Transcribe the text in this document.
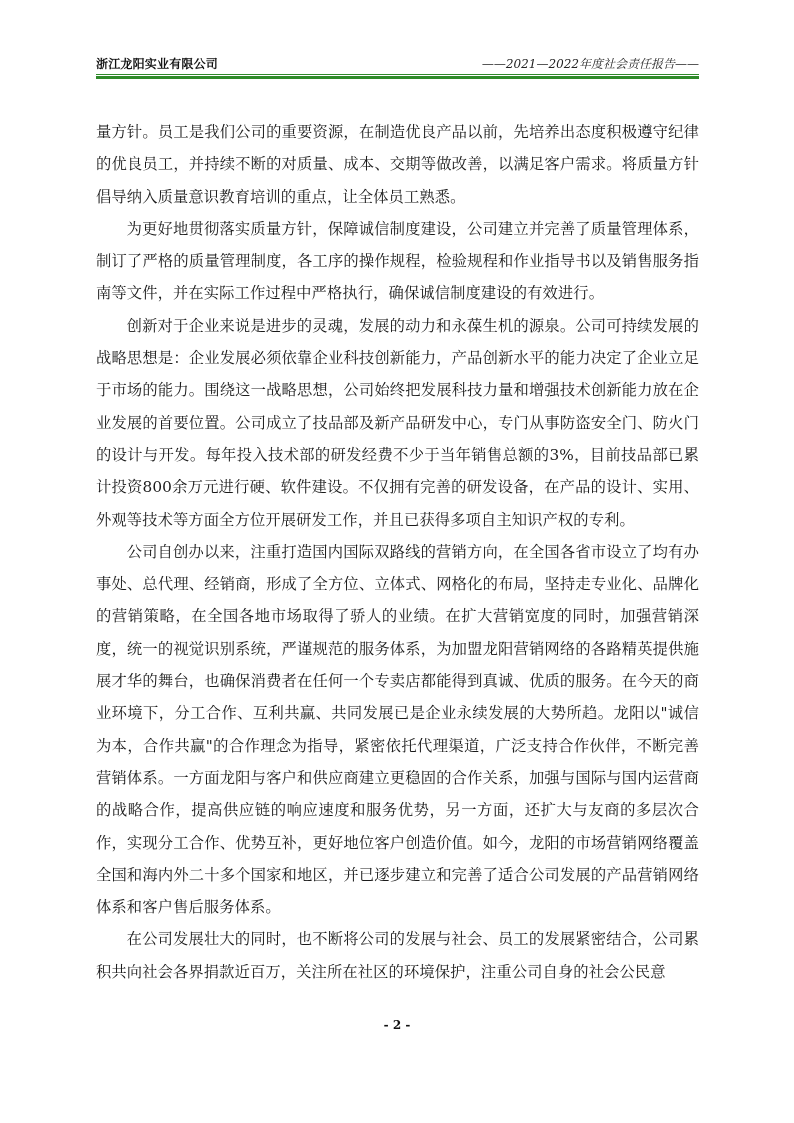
浙江龙阳实业有限公司	——2021—2022年度社会责任报告——

量方针。员工是我们公司的重要资源，在制造优良产品以前，先培养出态度积极遵守纪律的优良员工，并持续不断的对质量、成本、交期等做改善，以满足客户需求。将质量方针倡导纳入质量意识教育培训的重点，让全体员工熟悉。

为更好地贯彻落实质量方针，保障诚信制度建设，公司建立并完善了质量管理体系，制订了严格的质量管理制度，各工序的操作规程，检验规程和作业指导书以及销售服务指南等文件，并在实际工作过程中严格执行，确保诚信制度建设的有效进行。

创新对于企业来说是进步的灵魂，发展的动力和永葆生机的源泉。公司可持续发展的战略思想是：企业发展必须依靠企业科技创新能力，产品创新水平的能力决定了企业立足于市场的能力。围绕这一战略思想，公司始终把发展科技力量和增强技术创新能力放在企业发展的首要位置。公司成立了技品部及新产品研发中心，专门从事防盗安全门、防火门的设计与开发。每年投入技术部的研发经费不少于当年销售总额的3%，目前技品部已累计投资800余万元进行硬、软件建设。不仅拥有完善的研发设备，在产品的设计、实用、外观等技术等方面全方位开展研发工作，并且已获得多项自主知识产权的专利。

公司自创办以来，注重打造国内国际双路线的营销方向，在全国各省市设立了均有办事处、总代理、经销商，形成了全方位、立体式、网格化的布局，坚持走专业化、品牌化的营销策略，在全国各地市场取得了骄人的业绩。在扩大营销宽度的同时，加强营销深度，统一的视觉识别系统，严谨规范的服务体系，为加盟龙阳营销网络的各路精英提供施展才华的舞台，也确保消费者在任何一个专卖店都能得到真诚、优质的服务。在今天的商业环境下，分工合作、互利共赢、共同发展已是企业永续发展的大势所趋。龙阳以"诚信为本，合作共赢"的合作理念为指导，紧密依托代理渠道，广泛支持合作伙伴，不断完善营销体系。一方面龙阳与客户和供应商建立更稳固的合作关系，加强与国际与国内运营商的战略合作，提高供应链的响应速度和服务优势，另一方面，还扩大与友商的多层次合作，实现分工合作、优势互补，更好地位客户创造价值。如今，龙阳的市场营销网络覆盖全国和海内外二十多个国家和地区，并已逐步建立和完善了适合公司发展的产品营销网络体系和客户售后服务体系。

在公司发展壮大的同时，也不断将公司的发展与社会、员工的发展紧密结合，公司累积共向社会各界捐款近百万，关注所在社区的环境保护，注重公司自身的社会公民意

- 2 -
